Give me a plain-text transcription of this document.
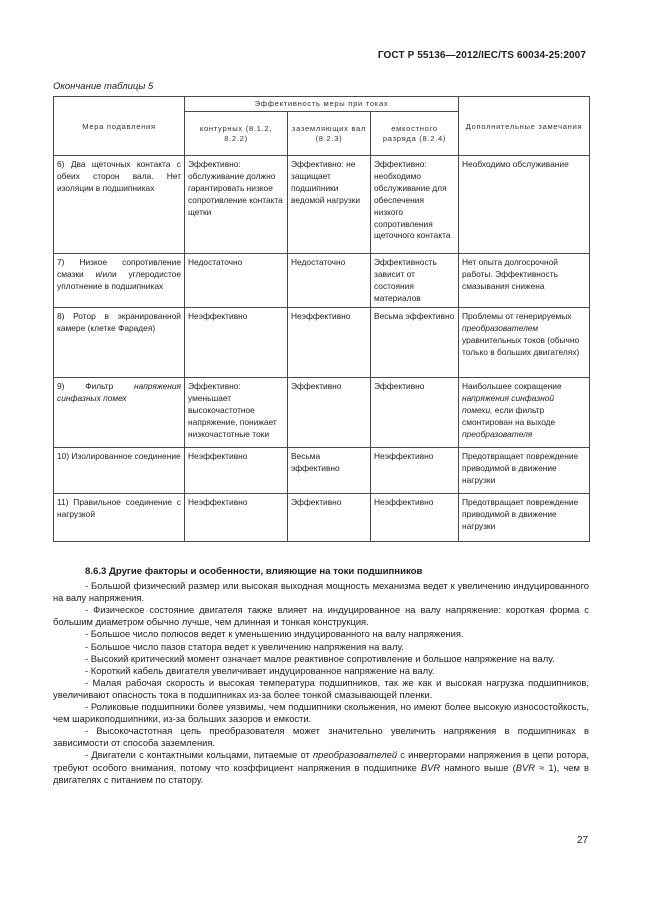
ГОСТ Р 55136—2012/IEC/TS 60034-25:2007
Окончание таблицы 5
Мера подавления	Эффективность меры при токах			Дополнительные замечания
	контурных (8.1.2, 8.2.2)	заземляющих вал (8.2.3)	емкостного разряда (8.2.4)	
6) Два щеточных контакта с обеих сторон вала. Нет изоляции в подшипниках	Эффективно: обслуживание должно гарантировать низкое сопротивление контакта щетки	Эффективно: не защищает подшипники ведомой нагрузки	Эффективно: необходимо обслуживание для обеспечения низкого сопротивления щеточного контакта	Необходимо обслуживание
7) Низкое сопротивление смазки и/или углеродистое уплотнение в подшипниках	Недостаточно	Недостаточно	Эффективность зависит от состояния материалов	Нет опыта долгосрочной работы. Эффективность смазывания снижена
8) Ротор в экранированной камере (клетке Фарадея)	Неэффективно	Неэффективно	Весьма эффективно	Проблемы от генерируемых преобразователем уравнительных токов (обычно только в больших двигателях)
9) Фильтр напряжения синфазных помех	Эффективно: уменьшает высокочастотное напряжение, понижает низкочастотные токи	Эффективно	Эффективно	Наибольшее сокращение напряжения синфазной помехи, если фильтр смонтирован на выходе преобразователя
10) Изолированное соединение	Неэффективно	Весьма эффективно	Неэффективно	Предотвращает повреждение приводимой в движение нагрузки
11) Правильное соединение с нагрузкой	Неэффективно	Эффективно	Неэффективно	Предотвращает повреждение приводимой в движение нагрузки
8.6.3 Другие факторы и особенности, влияющие на токи подшипников

- Большой физический размер или высокая выходная мощность механизма ведет к увеличению индуцированного на валу напряжения.

- Физическое состояние двигателя также влияет на индуцированное на валу напряжение: короткая форма с большим диаметром обычно лучше, чем длинная и тонкая конструкция.

- Большое число полюсов ведет к уменьшению индуцированного на валу напряжения.

- Большое число пазов статора ведет к увеличению напряжения на валу.

- Высокий критический момент означает малое реактивное сопротивление и большое напряжение на валу.

- Короткий кабель двигателя увеличивает индуцированное напряжение на валу.

- Малая рабочая скорость и высокая температура подшипников, так же как и высокая нагрузка подшипников, увеличивают опасность тока в подшипниках из-за более тонкой смазывающей пленки.

- Роликовые подшипники более уязвимы, чем подшипники скольжения, но имеют более высокую износостойкость, чем шарикоподшипники, из-за больших зазоров и емкости.

- Высокочастотная цепь преобразователя может значительно увеличить напряжения в подшипниках в зависимости от способа заземления.

- Двигатели с контактными кольцами, питаемые от преобразователей с инверторами напряжения в цепи ротора, требуют особого внимания, потому что коэффициент напряжения в подшипнике BVR намного выше (BVR ≈ 1), чем в двигателях с питанием по статору.

27
